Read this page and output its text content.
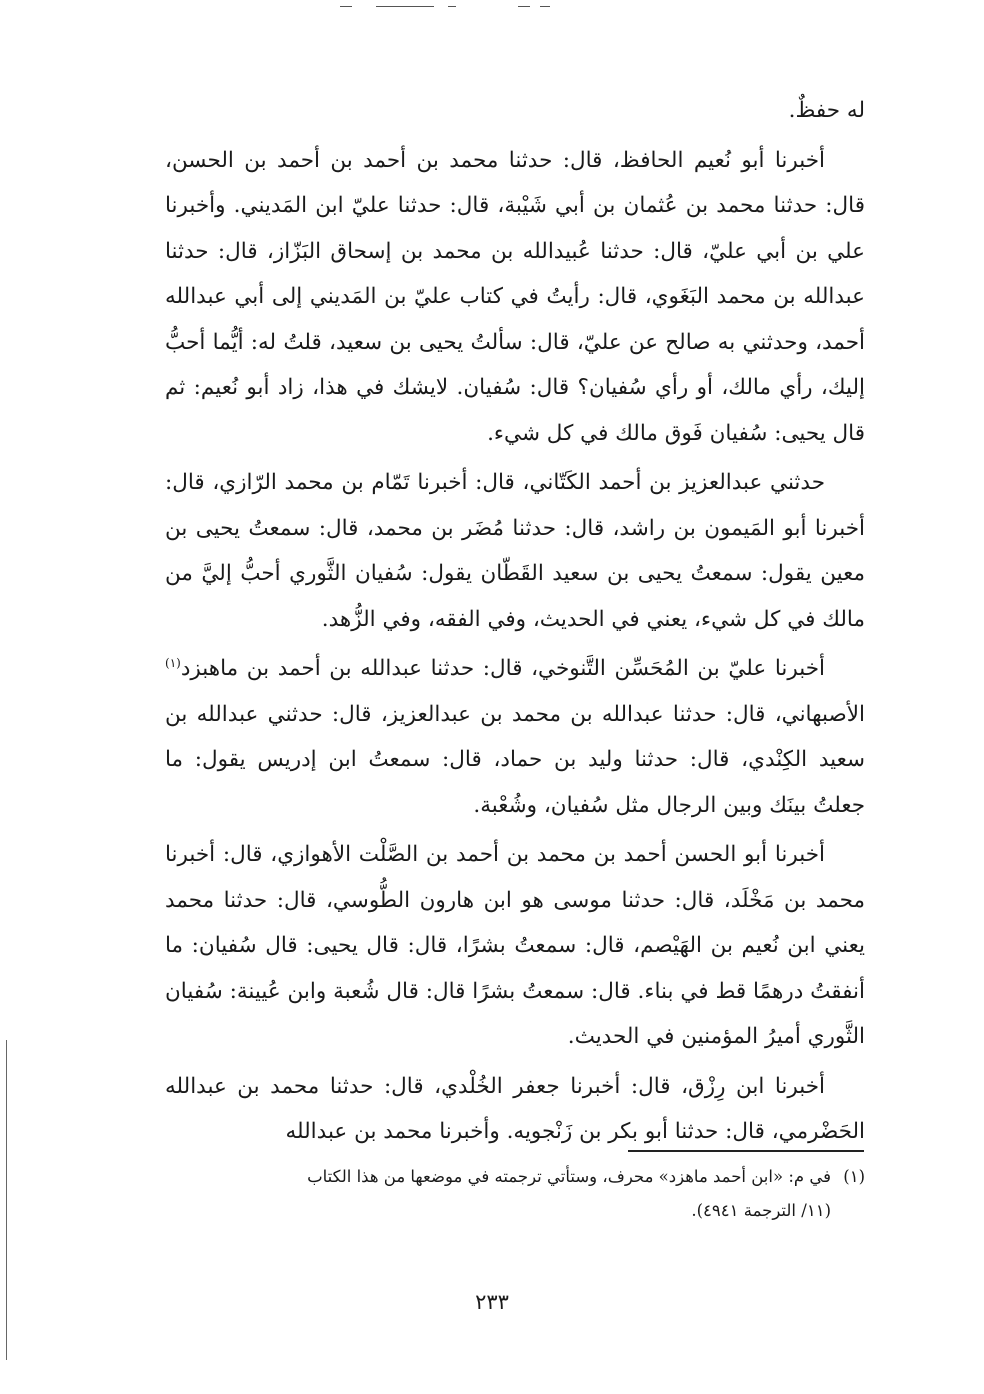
له حفظٌ.

أخبرنا أبو نُعيم الحافظ، قال: حدثنا محمد بن أحمد بن أحمد بن الحسن، قال: حدثنا محمد بن عُثمان بن أبي شَيْبة، قال: حدثنا عليّ ابن المَديني. وأخبرنا علي بن أبي عليّ، قال: حدثنا عُبيدالله بن محمد بن إسحاق البَزّاز، قال: حدثنا عبدالله بن محمد البَغَوي، قال: رأيتُ في كتاب عليّ بن المَديني إلى أبي عبدالله أحمد، وحدثني به صالح عن عليّ، قال: سألتُ يحيى بن سعيد، قلتُ له: أيُّما أحبُّ إليك، رأي مالك، أو رأي سُفيان؟ قال: سُفيان. لايشك في هذا، زاد أبو نُعيم: ثم قال يحيى: سُفيان فَوق مالك في كل شيء.

حدثني عبدالعزيز بن أحمد الكَتّاني، قال: أخبرنا تَمّام بن محمد الرّازي، قال: أخبرنا أبو المَيمون بن راشد، قال: حدثنا مُضَر بن محمد، قال: سمعتُ يحيى بن معين يقول: سمعتُ يحيى بن سعيد القَطّان يقول: سُفيان الثَّوري أحبُّ إليَّ من مالك في كل شيء، يعني في الحديث، وفي الفقه، وفي الزُّهد.

أخبرنا عليّ بن المُحَسِّن التَّنوخي، قال: حدثنا عبدالله بن أحمد بن ماهبزد$^{(١)}$ الأصبهاني، قال: حدثنا عبدالله بن محمد بن عبدالعزيز، قال: حدثني عبدالله بن سعيد الكِنْدي، قال: حدثنا وليد بن حماد، قال: سمعتُ ابن إدريس يقول: ما جعلتُ بينَك وبين الرجال مثل سُفيان، وشُعْبة.

أخبرنا أبو الحسن أحمد بن محمد بن أحمد بن الصَّلْت الأهوازي، قال: أخبرنا محمد بن مَخْلَد، قال: حدثنا موسى هو ابن هارون الطُّوسي، قال: حدثنا محمد يعني ابن نُعيم بن الهَيْصم، قال: سمعتُ بشرًا، قال: قال يحيى: قال سُفيان: ما أنفقتُ درهمًا قط في بناء. قال: سمعتُ بشرًا قال: قال شُعبة وابن عُيينة: سُفيان الثَّوري أميرُ المؤمنين في الحديث.

أخبرنا ابن رِزْق، قال: أخبرنا جعفر الخُلْدي، قال: حدثنا محمد بن عبدالله الحَضْرمي، قال: حدثنا أبو بكر بن زَنْجويه. وأخبرنا محمد بن عبدالله

(١)في م: «ابن أحمد ماهزد» محرف، وستأتي ترجمته في موضعها من هذا الكتاب
(١١/ الترجمة ٤٩٤١).
٢٣٣
